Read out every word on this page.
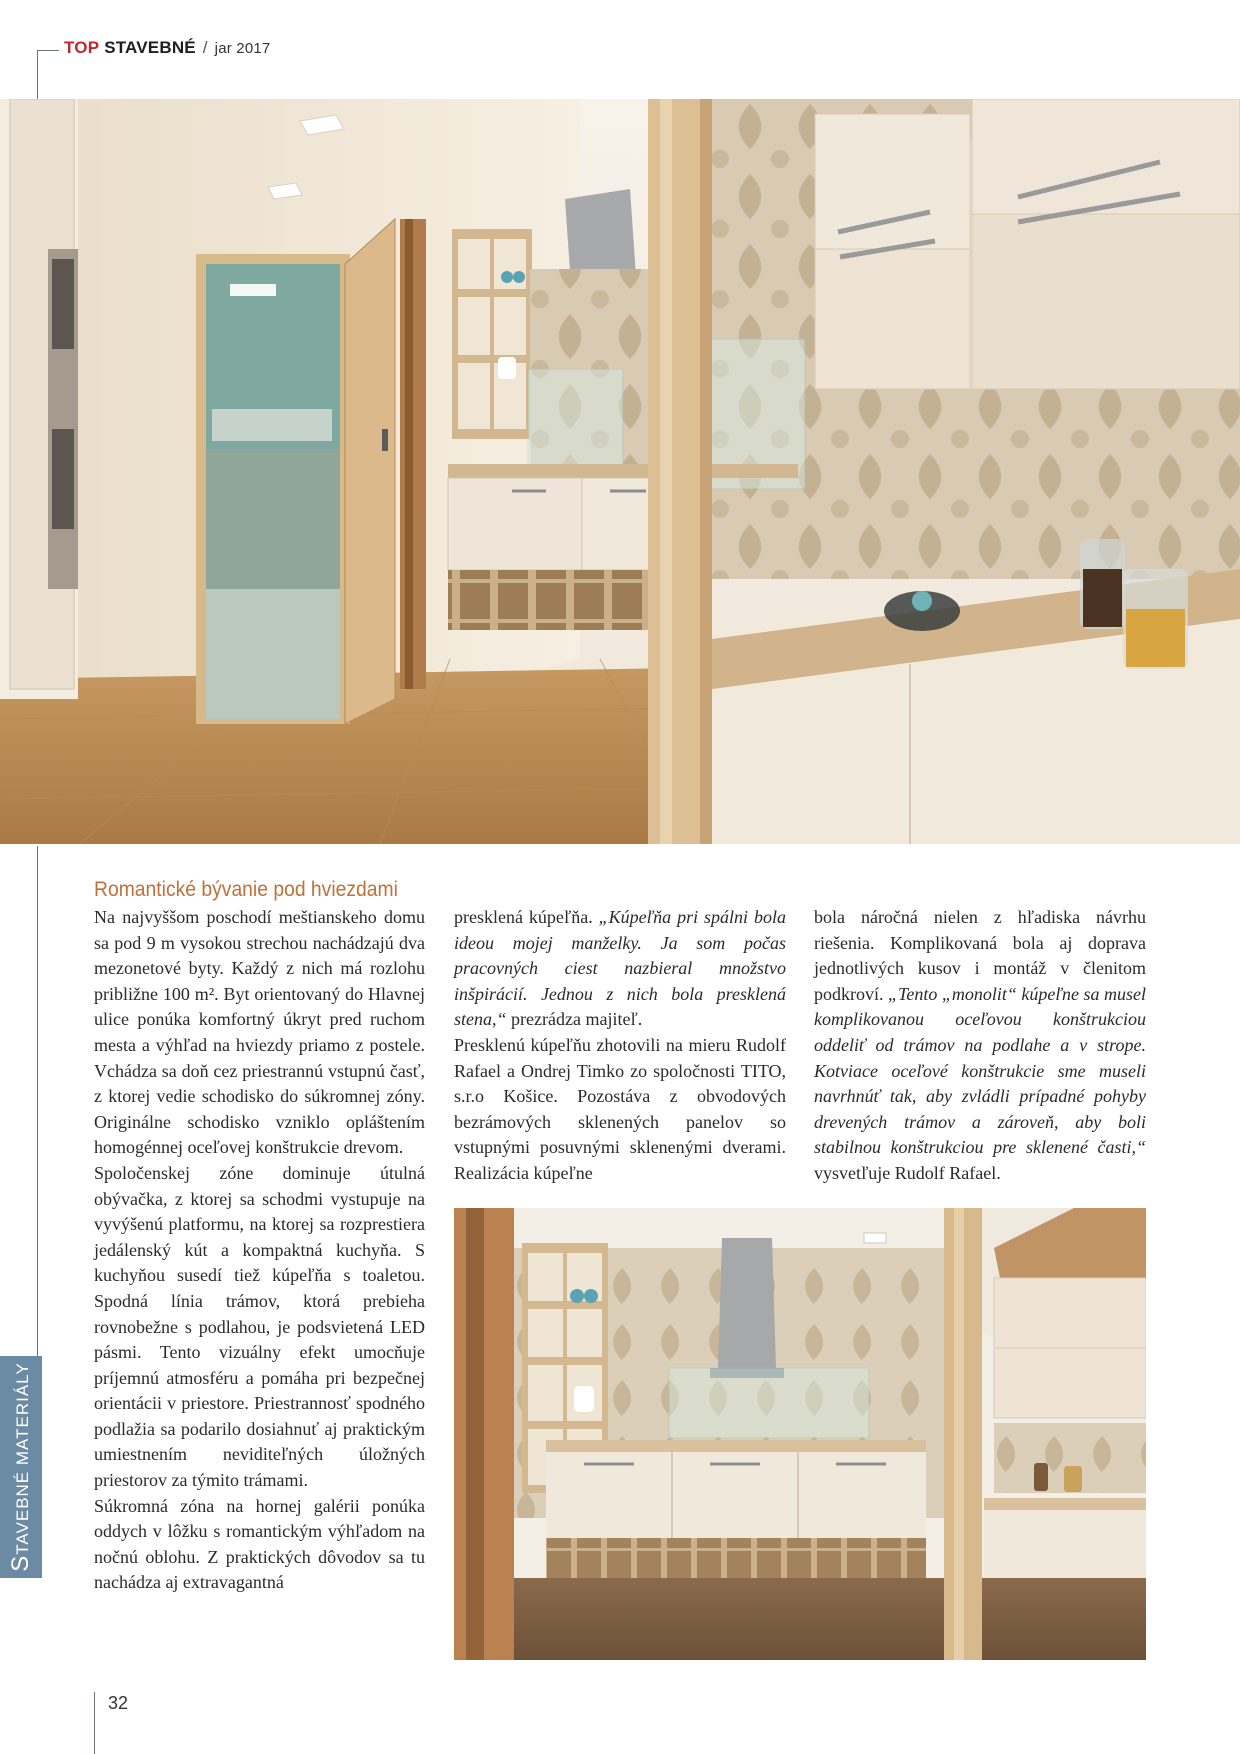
TOP STAVEBNÉ / jar 2017
STAVEBNÉ MATERIÁLY
Romantické bývanie pod hviezdami

Na najvyššom poschodí meštianskeho domu sa pod 9 m vysokou strechou nachádzajú dva mezonetové byty. Každý z nich má rozlohu približne 100 m². Byt orientovaný do Hlavnej ulice ponúka komfortný úkryt pred ruchom mesta a výhľad na hviezdy priamo z postele. Vchádza sa doň cez priestrannú vstupnú časť, z ktorej vedie schodisko do súkromnej zóny. Originálne schodisko vzniklo opláštením homogénnej oceľovej konštrukcie drevom.

Spoločenskej zóne dominuje útulná obývačka, z ktorej sa schodmi vystupuje na vyvýšenú platformu, na ktorej sa rozprestiera jedálenský kút a kompaktná kuchyňa. S kuchyňou susedí tiež kúpeľňa s toaletou. Spodná línia trámov, ktorá prebieha rovnobežne s podlahou, je podsvietená LED pásmi. Tento vizuálny efekt umocňuje príjemnú atmosféru a pomáha pri bezpečnej orientácii v priestore. Priestrannosť spodného podlažia sa podarilo dosiahnuť aj praktickým umiestnením neviditeľných úložných priestorov za týmito trámami.

Súkromná zóna na hornej galérii ponúka oddych v lôžku s romantickým výhľadom na nočnú oblohu. Z praktických dôvodov sa tu nachádza aj extravagantná

presklená kúpeľňa. „Kúpeľňa pri spálni bola ideou mojej manželky. Ja som počas pracovných ciest nazbieral množstvo inšpirácií. Jednou z nich bola presklená stena,“ prezrádza majiteľ.

Presklenú kúpeľňu zhotovili na mieru Rudolf Rafael a Ondrej Timko zo spoločnosti TITO, s.r.o Košice. Pozostáva z obvodových bezrámových sklenených panelov so vstupnými posuvnými sklenenými dverami. Realizácia kúpeľne

bola náročná nielen z hľadiska návrhu riešenia. Komplikovaná bola aj doprava jednotlivých kusov i montáž v členitom podkroví. „Tento „monolit“ kúpeľne sa musel komplikovanou oceľovou konštrukciou oddeliť od trámov na podlahe a v strope. Kotviace oceľové konštrukcie sme museli navrhnúť tak, aby zvládli prípadné pohyby drevených trámov a zároveň, aby boli stabilnou konštrukciou pre sklenené časti,“ vysvetľuje Rudolf Rafael.

32
